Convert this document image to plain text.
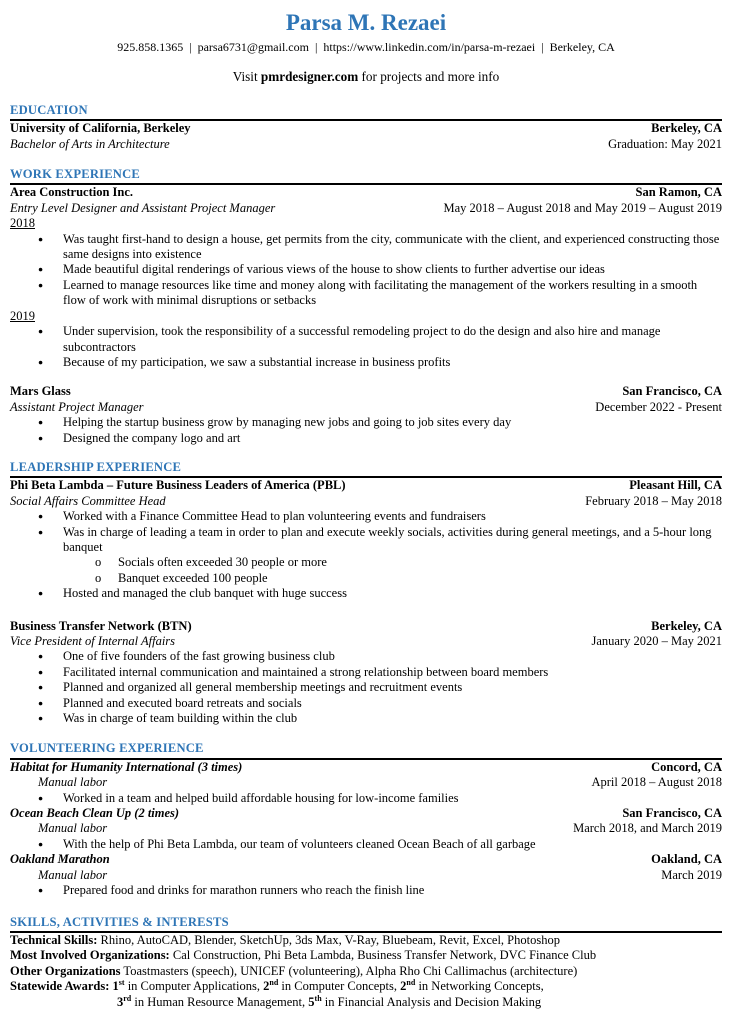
Parsa M. Rezaei
925.858.1365 | parsa6731@gmail.com | https://www.linkedin.com/in/parsa-m-rezaei | Berkeley, CA
Visit pmrdesigner.com for projects and more info
EDUCATION
University of California, Berkeley	Berkeley, CA
Bachelor of Arts in Architecture	Graduation: May 2021
WORK EXPERIENCE
Area Construction Inc.	San Ramon, CA
Entry Level Designer and Assistant Project Manager	May 2018 – August 2018 and May 2019 – August 2019
2018
●	Was taught first-hand to design a house, get permits from the city, communicate with the client, and experienced constructing those same designs into existence
●	Made beautiful digital renderings of various views of the house to show clients to further advertise our ideas
●	Learned to manage resources like time and money along with facilitating the management of the workers resulting in a smooth flow of work with minimal disruptions or setbacks
2019
●	Under supervision, took the responsibility of a successful remodeling project to do the design and also hire and manage subcontractors
●	Because of my participation, we saw a substantial increase in business profits
Mars Glass	San Francisco, CA
Assistant Project Manager	December 2022 - Present
●	Helping the startup business grow by managing new jobs and going to job sites every day
●	Designed the company logo and art
LEADERSHIP EXPERIENCE
Phi Beta Lambda – Future Business Leaders of America (PBL)	Pleasant Hill, CA
Social Affairs Committee Head	February 2018 – May 2018
●	Worked with a Finance Committee Head to plan volunteering events and fundraisers
●	Was in charge of leading a team in order to plan and execute weekly socials, activities during general meetings, and a 5-hour long banquet
o	Socials often exceeded 30 people or more
o	Banquet exceeded 100 people
●	Hosted and managed the club banquet with huge success
Business Transfer Network (BTN)	Berkeley, CA
Vice President of Internal Affairs	January 2020 – May 2021
●	One of five founders of the fast growing business club
●	Facilitated internal communication and maintained a strong relationship between board members
●	Planned and organized all general membership meetings and recruitment events
●	Planned and executed board retreats and socials
●	Was in charge of team building within the club
VOLUNTEERING EXPERIENCE
Habitat for Humanity International (3 times)	Concord, CA
Manual labor	April 2018 – August 2018
●	Worked in a team and helped build affordable housing for low-income families
Ocean Beach Clean Up (2 times)	San Francisco, CA
Manual labor	March 2018, and March 2019
●	With the help of Phi Beta Lambda, our team of volunteers cleaned Ocean Beach of all garbage
Oakland Marathon	Oakland, CA
Manual labor	March 2019
●	Prepared food and drinks for marathon runners who reach the finish line
SKILLS, ACTIVITIES & INTERESTS
Technical Skills: Rhino, AutoCAD, Blender, SketchUp, 3ds Max, V-Ray, Bluebeam, Revit, Excel, Photoshop
Most Involved Organizations: Cal Construction, Phi Beta Lambda, Business Transfer Network, DVC Finance Club
Other Organizations Toastmasters (speech), UNICEF (volunteering), Alpha Rho Chi Callimachus (architecture)
Statewide Awards: 1st in Computer Applications, 2nd in Computer Concepts, 2nd in Networking Concepts,
3rd in Human Resource Management, 5th in Financial Analysis and Decision Making
